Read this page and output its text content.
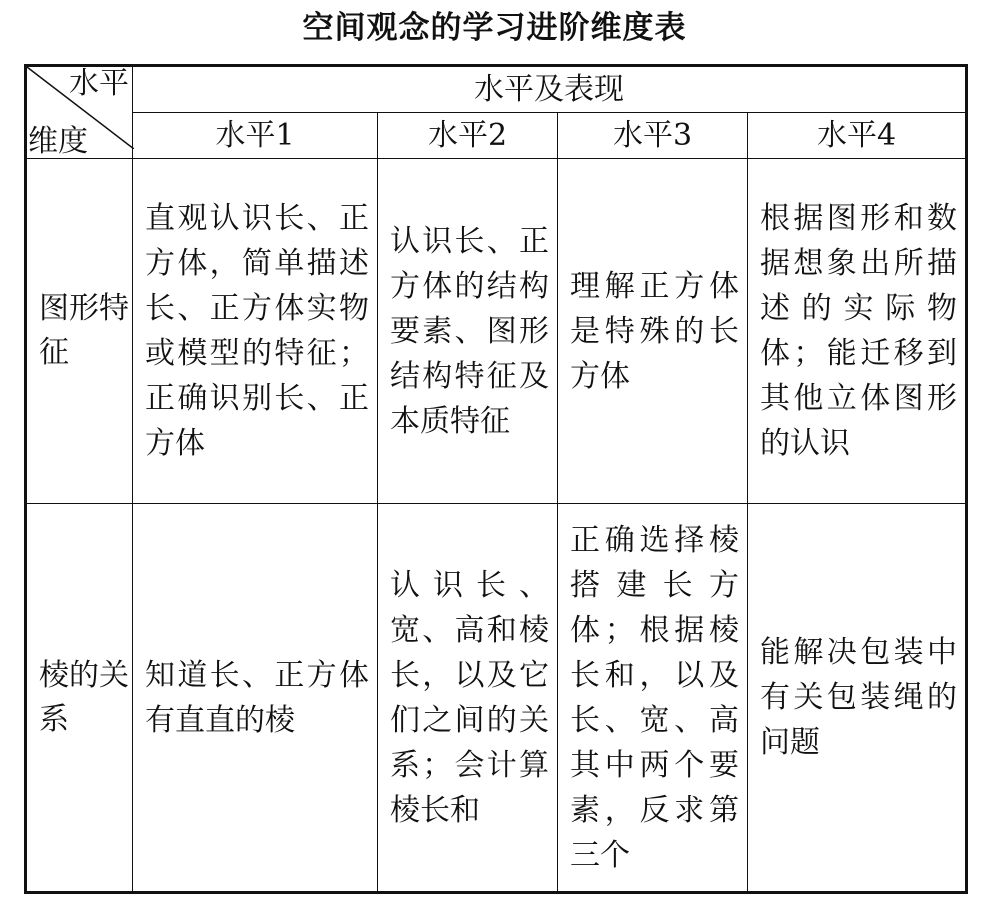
空间观念的学习进阶维度表
水平
维度	水平及表现			
	水平1	水平2	水平3	水平4
图形特征	直观认识长、正方体，简单描述长、正方体实物或模型的特征；正确识别长、正方体	认识长、正方体的结构要素、图形结构特征及本质特征	理解正方体是特殊的长方体	根据图形和数据想象出所描述的实际物体；能迁移到其他立体图形的认识
棱的关系	知道长、正方体有直直的棱	认识长、宽、高和棱长，以及它们之间的关系；会计算棱长和	正确选择棱搭建长方体；根据棱长和，以及长、宽、高其中两个要素，反求第三个	能解决包装中有关包装绳的问题
